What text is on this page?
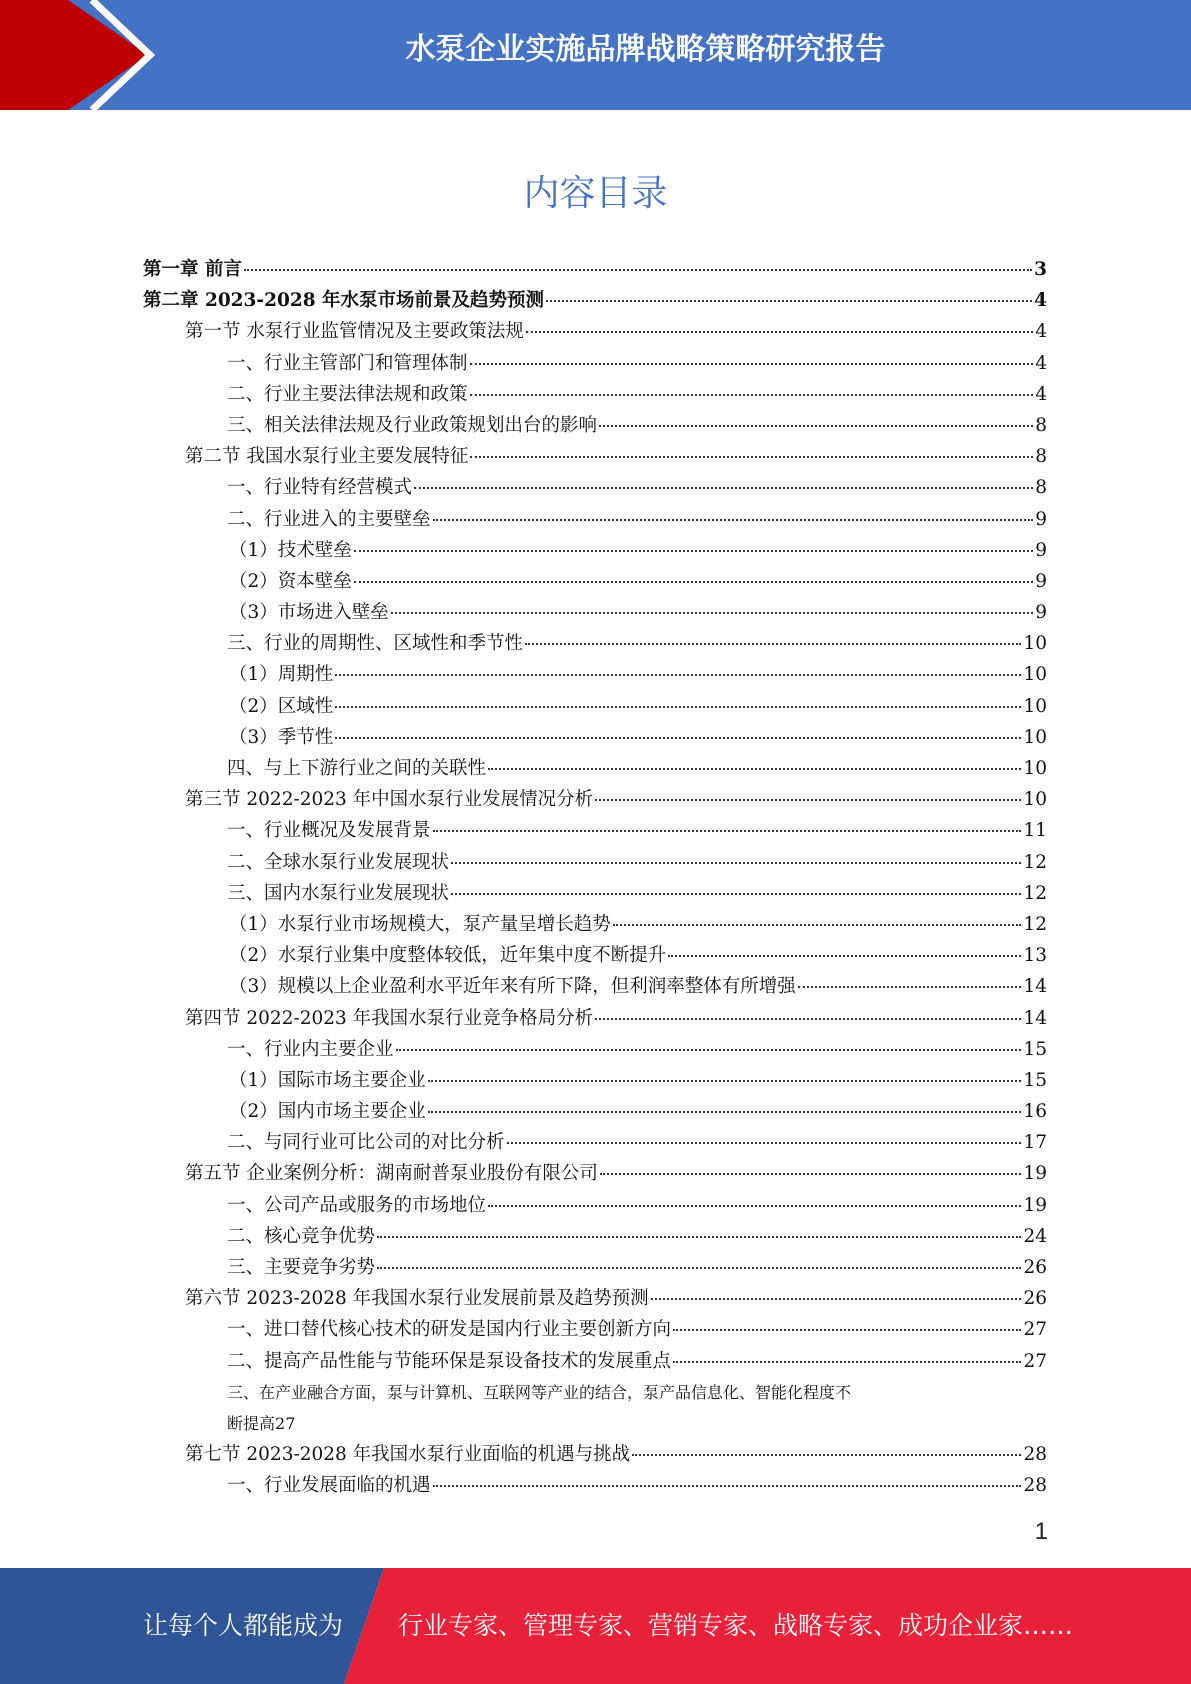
水泵企业实施品牌战略策略研究报告
内容目录
第一章 前言	3
第二章 2023-2028 年水泵市场前景及趋势预测	4
第一节 水泵行业监管情况及主要政策法规	4
一、行业主管部门和管理体制	4
二、行业主要法律法规和政策	4
三、相关法律法规及行业政策规划出台的影响	8
第二节 我国水泵行业主要发展特征	8
一、行业特有经营模式	8
二、行业进入的主要壁垒	9
（1）技术壁垒	9
（2）资本壁垒	9
（3）市场进入壁垒	9
三、行业的周期性、区域性和季节性	10
（1）周期性	10
（2）区域性	10
（3）季节性	10
四、与上下游行业之间的关联性	10
第三节 2022-2023 年中国水泵行业发展情况分析	10
一、行业概况及发展背景	11
二、全球水泵行业发展现状	12
三、国内水泵行业发展现状	12
（1）水泵行业市场规模大，泵产量呈增长趋势	12
（2）水泵行业集中度整体较低，近年集中度不断提升	13
（3）规模以上企业盈利水平近年来有所下降，但利润率整体有所增强	14
第四节 2022-2023 年我国水泵行业竞争格局分析	14
一、行业内主要企业	15
（1）国际市场主要企业	15
（2）国内市场主要企业	16
二、与同行业可比公司的对比分析	17
第五节 企业案例分析：湖南耐普泵业股份有限公司	19
一、公司产品或服务的市场地位	19
二、核心竞争优势	24
三、主要竞争劣势	26
第六节 2023-2028 年我国水泵行业发展前景及趋势预测	26
一、进口替代核心技术的研发是国内行业主要创新方向	27
二、提高产品性能与节能环保是泵设备技术的发展重点	27
三、在产业融合方面，泵与计算机、互联网等产业的结合，泵产品信息化、智能化程度不
断提高 27
第七节 2023-2028 年我国水泵行业面临的机遇与挑战	28
一、行业发展面临的机遇	28
1
让每个人都能成为 行业专家、管理专家、营销专家、战略专家、成功企业家……
